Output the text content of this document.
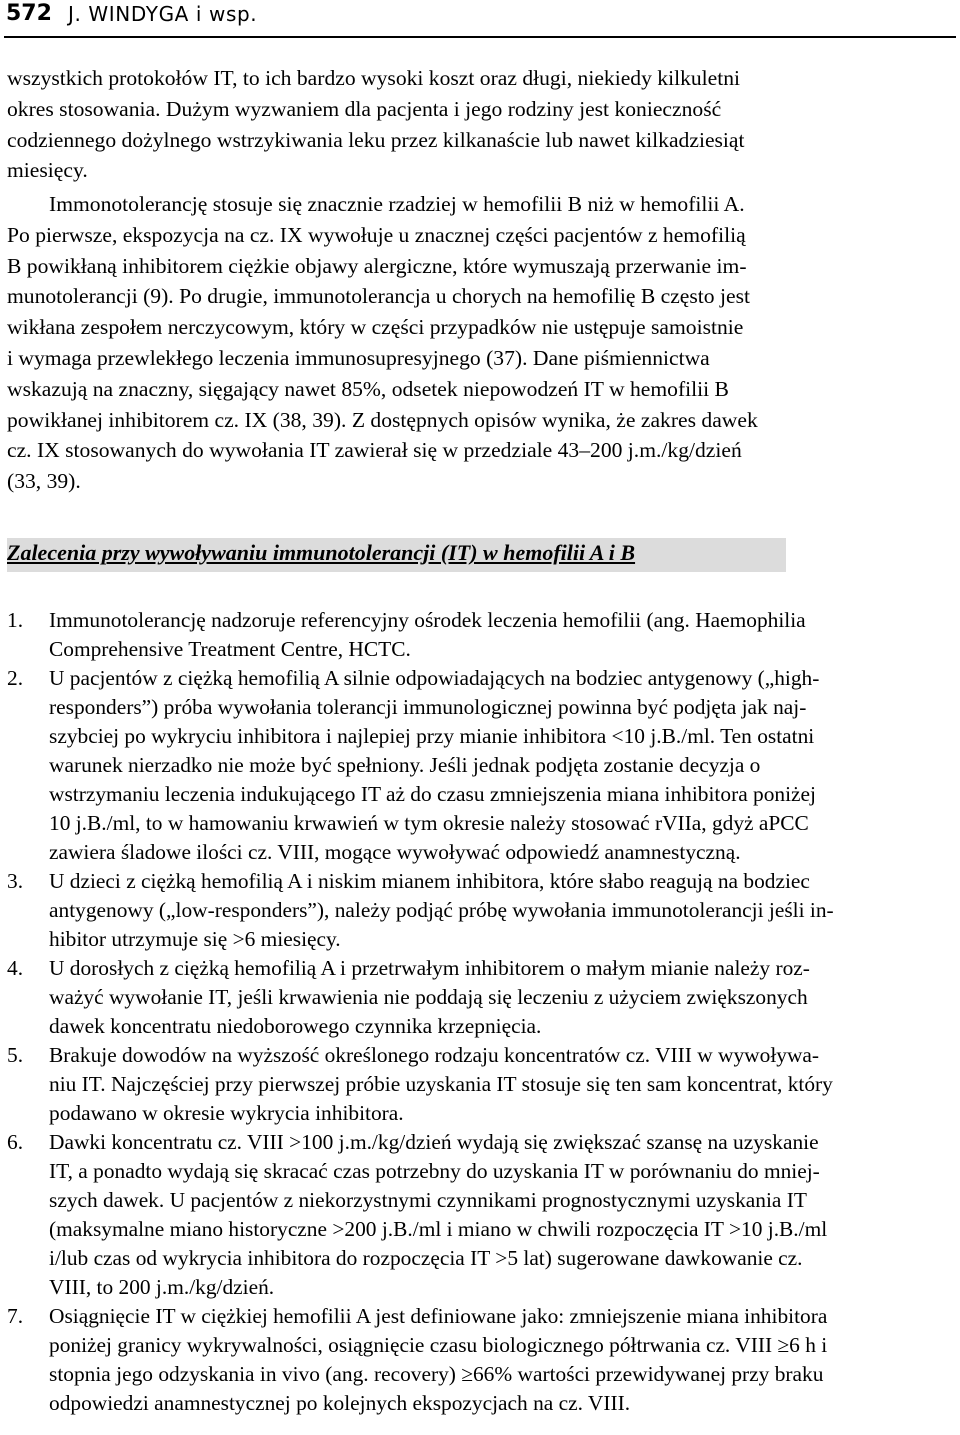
572 J. WINDYGA i wsp.
wszystkich protokołów IT, to ich bardzo wysoki koszt oraz długi, niekiedy kilkuletni
okres stosowania. Dużym wyzwaniem dla pacjenta i jego rodziny jest konieczność
codziennego dożylnego wstrzykiwania leku przez kilkanaście lub nawet kilkadziesiąt
miesięcy.
Immonotolerancję stosuje się znacznie rzadziej w hemofilii B niż w hemofilii A.
Po pierwsze, ekspozycja na cz. IX wywołuje u znacznej części pacjentów z hemofilią
B powikłaną inhibitorem ciężkie objawy alergiczne, które wymuszają przerwanie im-
munotolerancji (9). Po drugie, immunotolerancja u chorych na hemofilię B często jest
wikłana zespołem nerczycowym, który w części przypadków nie ustępuje samoistnie
i wymaga przewlekłego leczenia immunosupresyjnego (37). Dane piśmiennictwa
wskazują na znaczny, sięgający nawet 85%, odsetek niepowodzeń IT w hemofilii B
powikłanej inhibitorem cz. IX (38, 39). Z dostępnych opisów wynika, że zakres dawek
cz. IX stosowanych do wywołania IT zawierał się w przedziale 43–200 j.m./kg/dzień
(33, 39).
Zalecenia przy wywoływaniu immunotolerancji (IT) w hemofilii A i B
1. Immunotolerancję nadzoruje referencyjny ośrodek leczenia hemofilii (ang. Haemophilia
Comprehensive Treatment Centre, HCTC.
2. U pacjentów z ciężką hemofilią A silnie odpowiadających na bodziec antygenowy („high-
responders”) próba wywołania tolerancji immunologicznej powinna być podjęta jak naj-
szybciej po wykryciu inhibitora i najlepiej przy mianie inhibitora <10 j.B./ml. Ten ostatni
warunek nierzadko nie może być spełniony. Jeśli jednak podjęta zostanie decyzja o
wstrzymaniu leczenia indukującego IT aż do czasu zmniejszenia miana inhibitora poniżej
10 j.B./ml, to w hamowaniu krwawień w tym okresie należy stosować rVIIa, gdyż aPCC
zawiera śladowe ilości cz. VIII, mogące wywoływać odpowiedź anamnestyczną.
3. U dzieci z ciężką hemofilią A i niskim mianem inhibitora, które słabo reagują na bodziec
antygenowy („low-responders”), należy podjąć próbę wywołania immunotolerancji jeśli in-
hibitor utrzymuje się >6 miesięcy.
4. U dorosłych z ciężką hemofilią A i przetrwałym inhibitorem o małym mianie należy roz-
ważyć wywołanie IT, jeśli krwawienia nie poddają się leczeniu z użyciem zwiększonych
dawek koncentratu niedoborowego czynnika krzepnięcia.
5. Brakuje dowodów na wyższość określonego rodzaju koncentratów cz. VIII w wywoływa-
niu IT. Najczęściej przy pierwszej próbie uzyskania IT stosuje się ten sam koncentrat, który
podawano w okresie wykrycia inhibitora.
6. Dawki koncentratu cz. VIII >100 j.m./kg/dzień wydają się zwiększać szansę na uzyskanie
IT, a ponadto wydają się skracać czas potrzebny do uzyskania IT w porównaniu do mniej-
szych dawek. U pacjentów z niekorzystnymi czynnikami prognostycznymi uzyskania IT
(maksymalne miano historyczne >200 j.B./ml i miano w chwili rozpoczęcia IT >10 j.B./ml
i/lub czas od wykrycia inhibitora do rozpoczęcia IT >5 lat) sugerowane dawkowanie cz.
VIII, to 200 j.m./kg/dzień.
7. Osiągnięcie IT w ciężkiej hemofilii A jest definiowane jako: zmniejszenie miana inhibitora
poniżej granicy wykrywalności, osiągnięcie czasu biologicznego półtrwania cz. VIII ≥6 h i
stopnia jego odzyskania in vivo (ang. recovery) ≥66% wartości przewidywanej przy braku
odpowiedzi anamnestycznej po kolejnych ekspozycjach na cz. VIII.
